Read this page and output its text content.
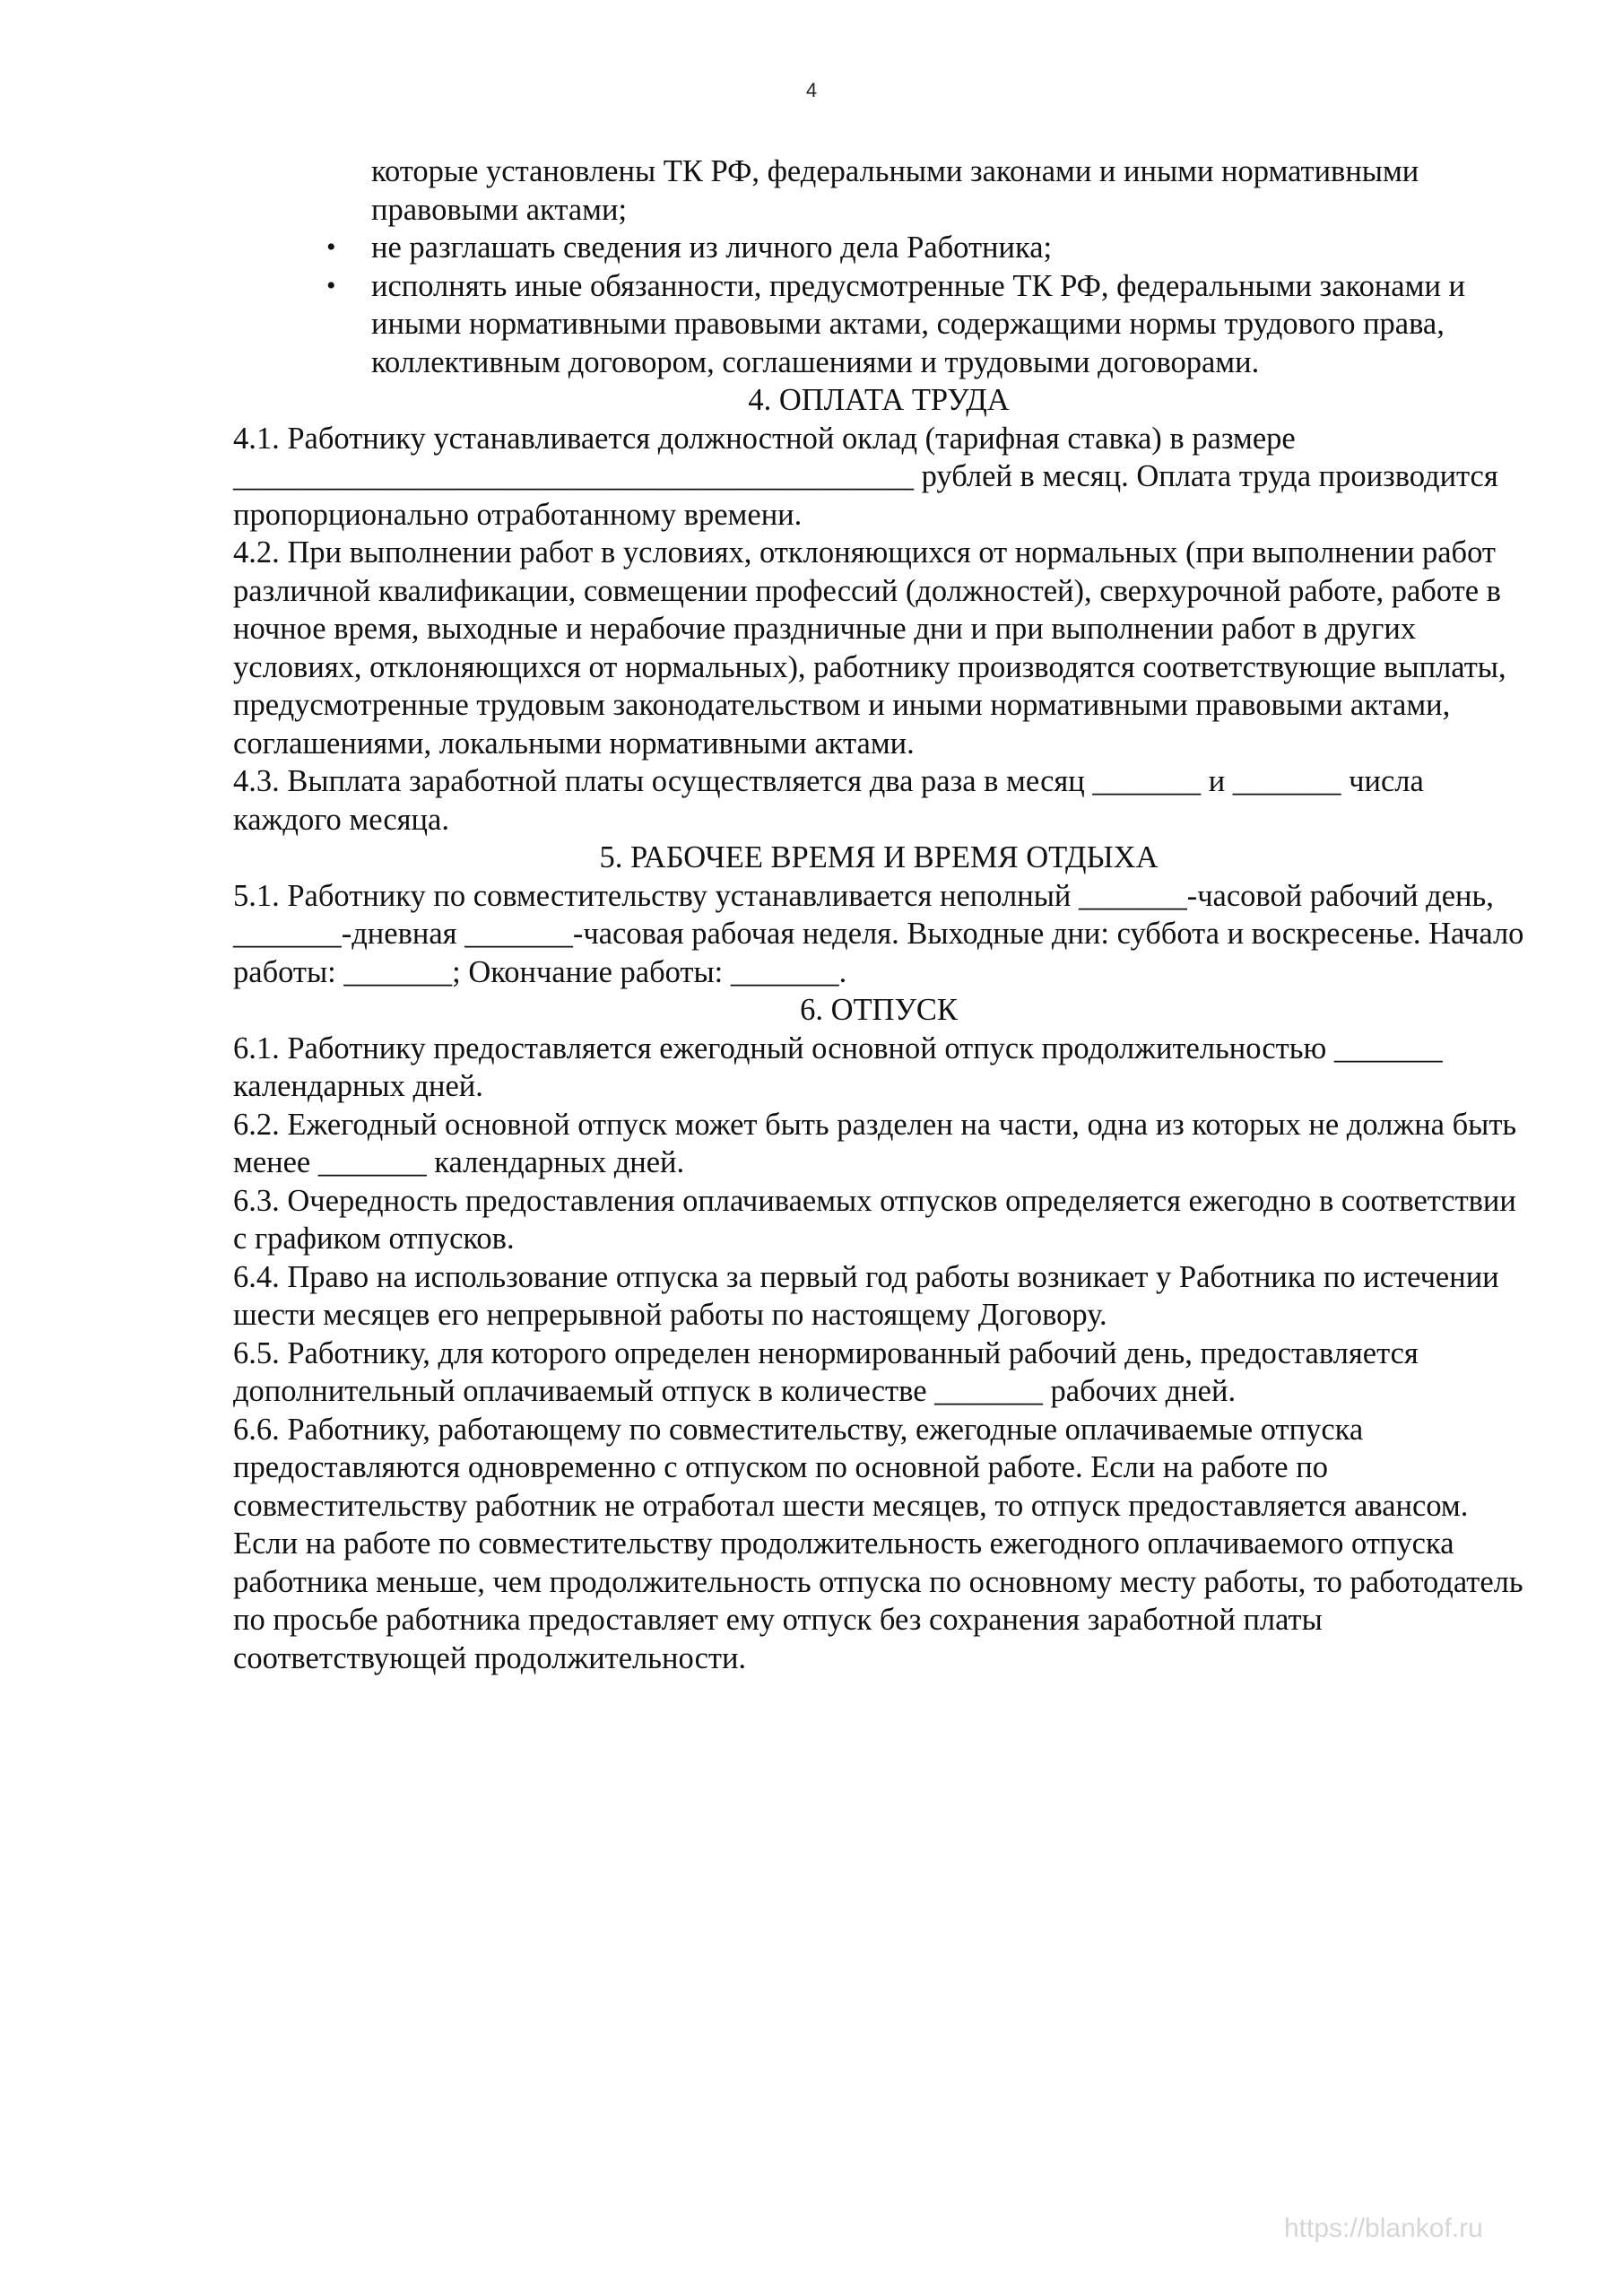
4

которые установлены ТК РФ, федеральными законами и иными нормативными правовыми актами;

• не разглашать сведения из личного дела Работника;
• исполнять иные обязанности, предусмотренные ТК РФ, федеральными законами и иными нормативными правовыми актами, содержащими нормы трудового права, коллективным договором, соглашениями и трудовыми договорами.
4. ОПЛАТА ТРУДА

4.1. Работнику устанавливается должностной оклад (тарифная ставка) в размере ____________________________________________ рублей в месяц. Оплата труда производится пропорционально отработанному времени.

4.2. При выполнении работ в условиях, отклоняющихся от нормальных (при выполнении работ различной квалификации, совмещении профессий (должностей), сверхурочной работе, работе в ночное время, выходные и нерабочие праздничные дни и при выполнении работ в других условиях, отклоняющихся от нормальных), работнику производятся соответствующие выплаты, предусмотренные трудовым законодательством и иными нормативными правовыми актами, соглашениями, локальными нормативными актами.

4.3. Выплата заработной платы осуществляется два раза в месяц _______ и _______ числа каждого месяца.

5. РАБОЧЕЕ ВРЕМЯ И ВРЕМЯ ОТДЫХА

5.1. Работнику по совместительству устанавливается неполный _______-часовой рабочий день, _______-дневная _______-часовая рабочая неделя. Выходные дни: суббота и воскресенье. Начало работы: _______; Окончание работы: _______.

6. ОТПУСК

6.1. Работнику предоставляется ежегодный основной отпуск продолжительностью _______ календарных дней.

6.2. Ежегодный основной отпуск может быть разделен на части, одна из которых не должна быть менее _______ календарных дней.

6.3. Очередность предоставления оплачиваемых отпусков определяется ежегодно в соответствии с графиком отпусков.

6.4. Право на использование отпуска за первый год работы возникает у Работника по истечении шести месяцев его непрерывной работы по настоящему Договору.

6.5. Работнику, для которого определен ненормированный рабочий день, предоставляется дополнительный оплачиваемый отпуск в количестве _______ рабочих дней.

6.6. Работнику, работающему по совместительству, ежегодные оплачиваемые отпуска предоставляются одновременно с отпуском по основной работе. Если на работе по совместительству работник не отработал шести месяцев, то отпуск предоставляется авансом. Если на работе по совместительству продолжительность ежегодного оплачиваемого отпуска работника меньше, чем продолжительность отпуска по основному месту работы, то работодатель по просьбе работника предоставляет ему отпуск без сохранения заработной платы соответствующей продолжительности.

https://blankof.ru
